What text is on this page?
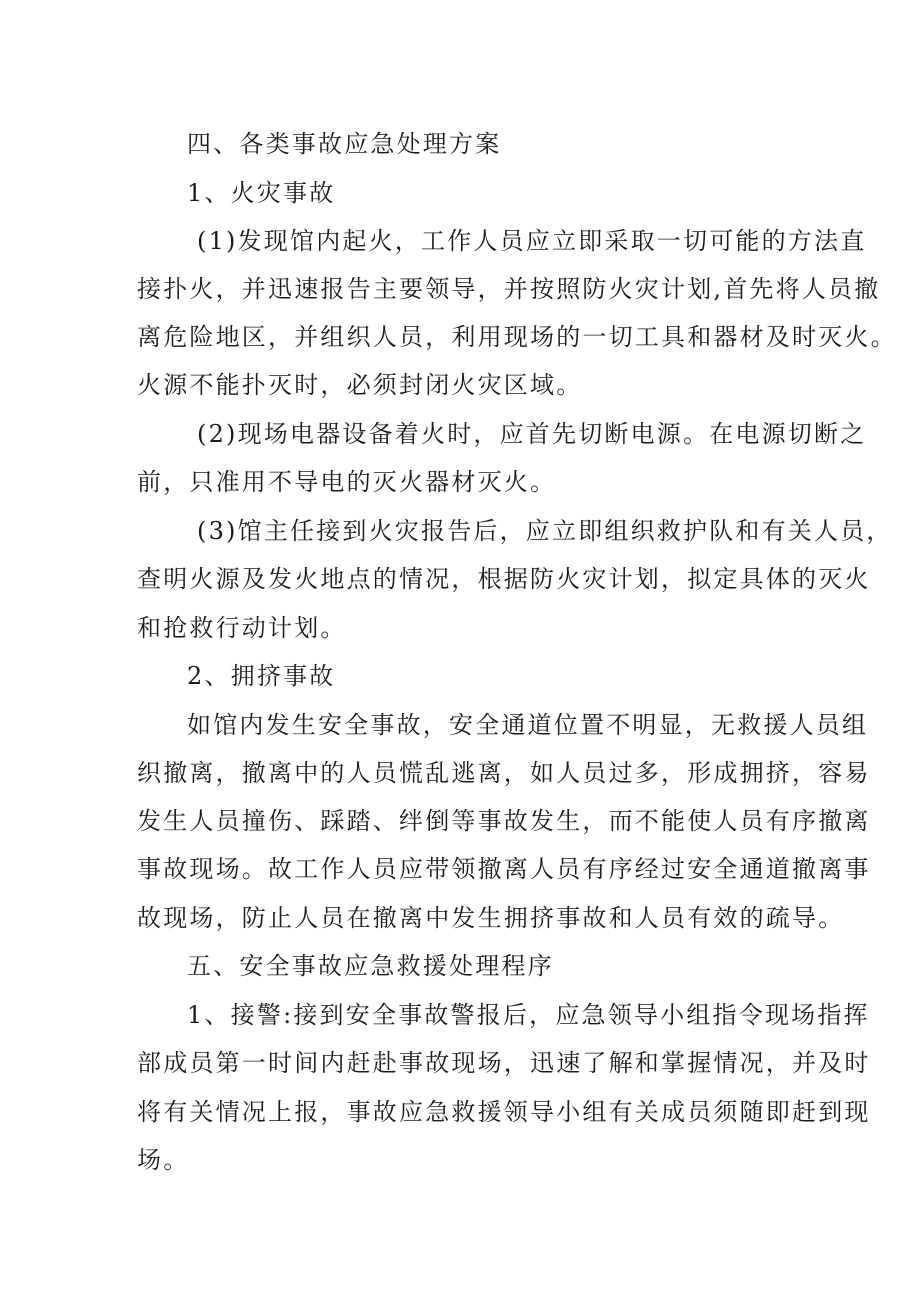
四、各类事故应急处理方案
1、火灾事故
(1)发现馆内起火，工作人员应立即采取一切可能的方法直
接扑火，并迅速报告主要领导，并按照防火灾计划,首先将人员撤
离危险地区，并组织人员，利用现场的一切工具和器材及时灭火。
火源不能扑灭时，必须封闭火灾区域。
(2)现场电器设备着火时，应首先切断电源。在电源切断之
前，只准用不导电的灭火器材灭火。
(3)馆主任接到火灾报告后，应立即组织救护队和有关人员，
查明火源及发火地点的情况，根据防火灾计划，拟定具体的灭火
和抢救行动计划。
2、拥挤事故
如馆内发生安全事故，安全通道位置不明显，无救援人员组
织撤离，撤离中的人员慌乱逃离，如人员过多，形成拥挤，容易
发生人员撞伤、踩踏、绊倒等事故发生，而不能使人员有序撤离
事故现场。故工作人员应带领撤离人员有序经过安全通道撤离事
故现场，防止人员在撤离中发生拥挤事故和人员有效的疏导。
五、安全事故应急救援处理程序
1、接警:接到安全事故警报后，应急领导小组指令现场指挥
部成员第一时间内赶赴事故现场，迅速了解和掌握情况，并及时
将有关情况上报，事故应急救援领导小组有关成员须随即赶到现
场。
